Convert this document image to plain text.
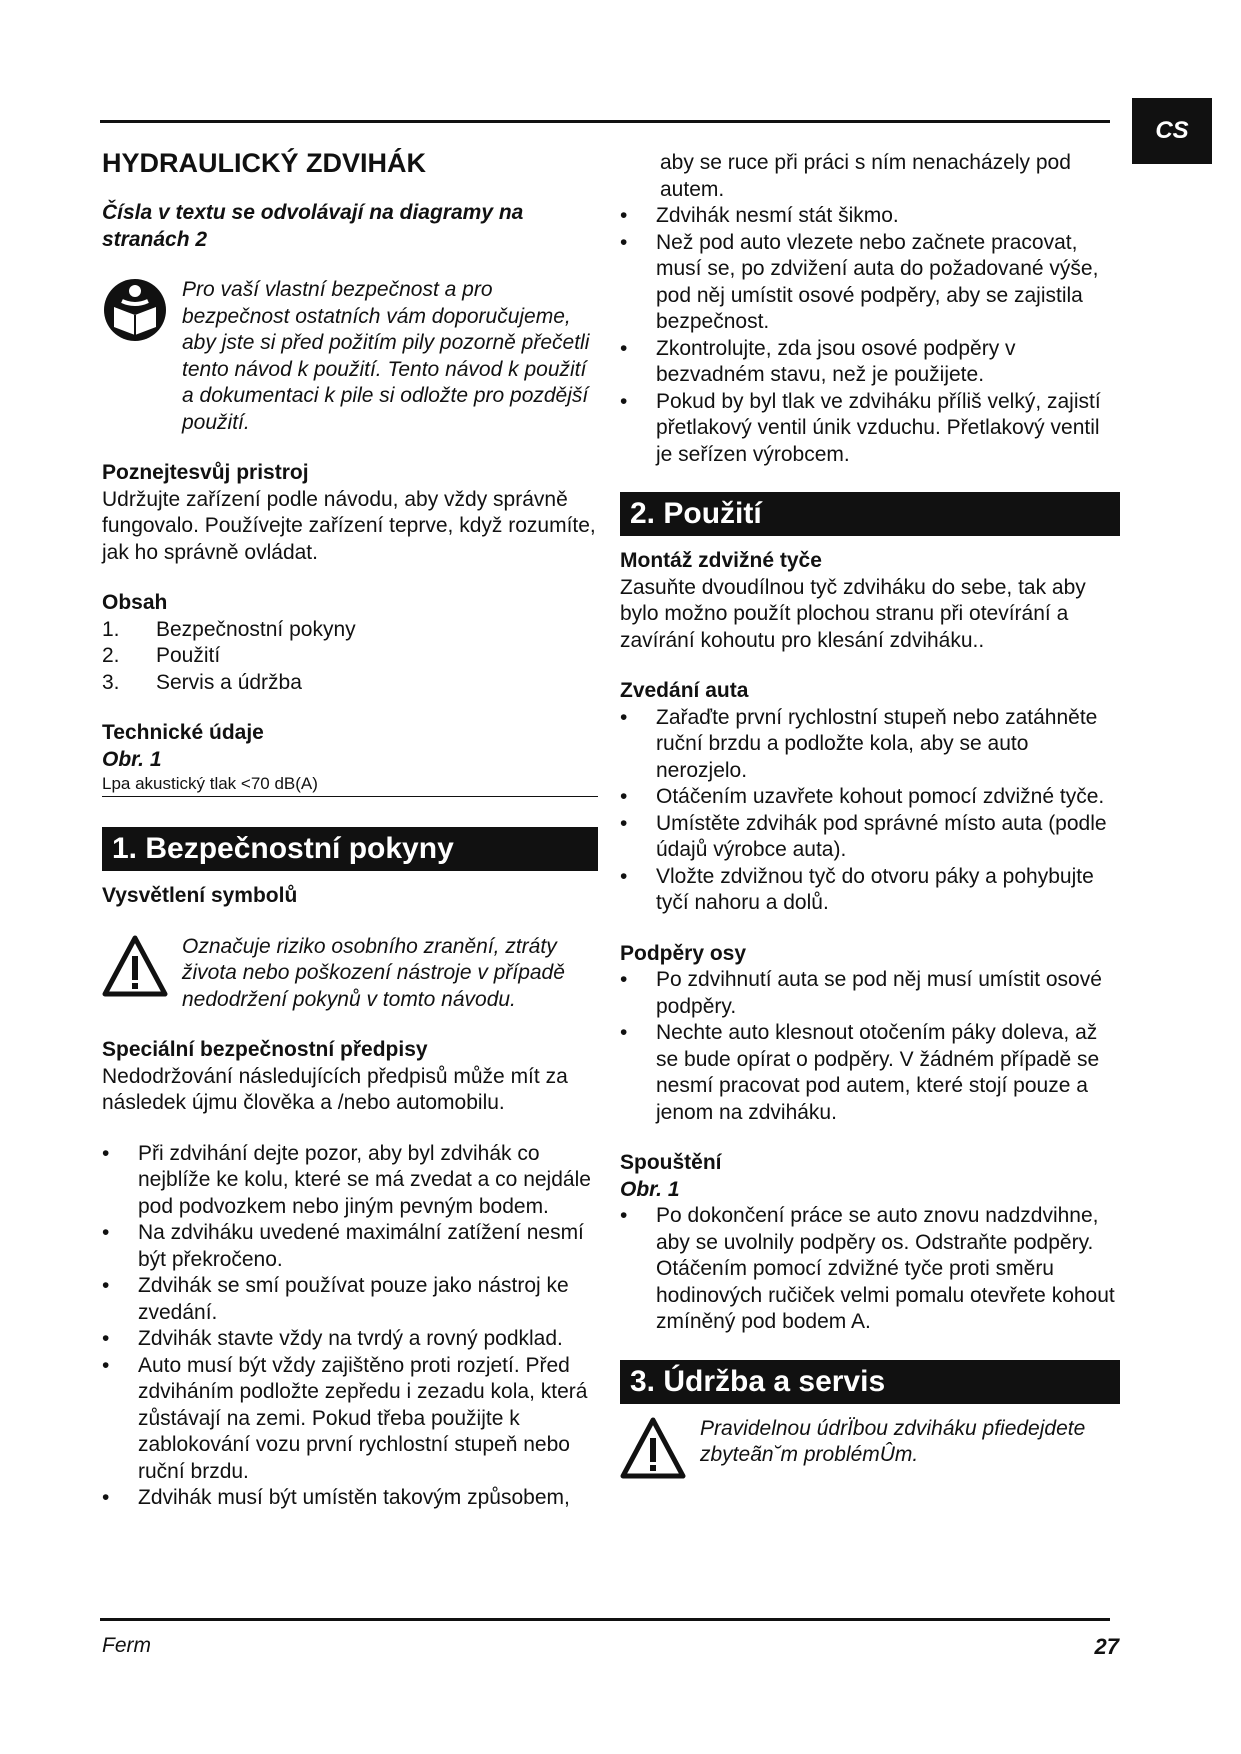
CS
HYDRAULICKÝ ZDVIHÁK
Čísla v textu se odvolávají na diagramy na stranách 2
Pro vaší vlastní bezpečnost a pro bezpečnost ostatních vám doporučujeme, aby jste si před požitím pily pozorně přečetli tento návod k použití. Tento návod k použití a dokumentaci k pile si odložte pro pozdější použití.
Poznejtesvůj pristroj
Udržujte zařízení podle návodu, aby vždy správně fungovalo. Používejte zařízení teprve, když rozumíte, jak ho správně ovládat.
Obsah
1.	Bezpečnostní pokyny
2.	Použití
3.	Servis a údržba
Technické údaje
Obr. 1
Lpa akustický tlak <70 dB(A)
1. Bezpečnostní pokyny
Vysvětlení symbolů
Označuje riziko osobního zranění, ztráty života nebo poškození nástroje v případě nedodržení pokynů v tomto návodu.
Speciální bezpečnostní předpisy
Nedodržování následujících předpisů může mít za následek újmu člověka a /nebo automobilu.
• Při zdvihání dejte pozor, aby byl zdvihák co nejblíže ke kolu, které se má zvedat a co nejdále pod podvozkem nebo jiným pevným bodem.
• Na zdviháku uvedené maximální zatížení nesmí být překročeno.
• Zdvihák se smí používat pouze jako nástroj ke zvedání.
• Zdvihák stavte vždy na tvrdý a rovný podklad.
• Auto musí být vždy zajištěno proti rozjetí. Před zdviháním podložte zepředu i zezadu kola, která zůstávají na zemi. Pokud třeba použijte k zablokování vozu první rychlostní stupeň nebo ruční brzdu.
• Zdvihák musí být umístěn takovým způsobem,
aby se ruce při práci s ním nenacházely pod autem.
• Zdvihák nesmí stát šikmo.
• Než pod auto vlezete nebo začnete pracovat, musí se, po zdvižení auta do požadované výše, pod něj umístit osové podpěry, aby se zajistila bezpečnost.
• Zkontrolujte, zda jsou osové podpěry v bezvadném stavu, než je použijete.
• Pokud by byl tlak ve zdviháku příliš velký, zajistí přetlakový ventil únik vzduchu. Přetlakový ventil je seřízen výrobcem.
2. Použití
Montáž zdvižné tyče
Zasuňte dvoudílnou tyč zdviháku do sebe, tak aby bylo možno použít plochou stranu při otevírání a zavírání kohoutu pro klesání zdviháku..
Zvedání auta
• Zařaďte první rychlostní stupeň nebo zatáhněte ruční brzdu a podložte kola, aby se auto nerozjelo.
• Otáčením uzavřete kohout pomocí zdvižné tyče.
• Umístěte zdvihák pod správné místo auta (podle údajů výrobce auta).
• Vložte zdvižnou tyč do otvoru páky a pohybujte tyčí nahoru a dolů.
Podpěry osy
• Po zdvihnutí auta se pod něj musí umístit osové podpěry.
• Nechte auto klesnout otočením páky doleva, až se bude opírat o podpěry. V žádném případě se nesmí pracovat pod autem, které stojí pouze a jenom na zdviháku.
Spouštění
Obr. 1
• Po dokončení práce se auto znovu nadzdvihne, aby se uvolnily podpěry os. Odstraňte podpěry. Otáčením pomocí zdvižné tyče proti směru hodinových ručiček velmi pomalu otevřete kohout zmíněný pod bodem A.
3. Údržba a servis
Pravidelnou údrÏbou zdviháku pfiedejdete zbyteãn˘m problémÛm.
Ferm	27
